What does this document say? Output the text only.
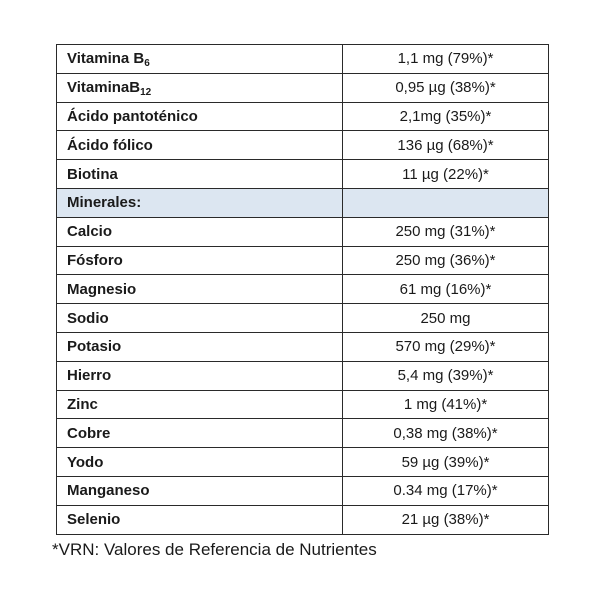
Vitamina $B_6$	1,1 mg (79%)*
VitaminaB$_{12}$	0,95 µg (38%)*
Ácido pantoténico	2,1mg (35%)*
Ácido fólico	136 µg (68%)*
Biotina	11 µg (22%)*
Minerales:	
Calcio	250 mg (31%)*
Fósforo	250 mg (36%)*
Magnesio	61 mg (16%)*
Sodio	250 mg
Potasio	570 mg (29%)*
Hierro	5,4 mg (39%)*
Zinc	1 mg (41%)*
Cobre	0,38 mg (38%)*
Yodo	59 µg (39%)*
Manganeso	0.34 mg (17%)*
Selenio	21 µg (38%)*
*VRN: Valores de Referencia de Nutrientes
